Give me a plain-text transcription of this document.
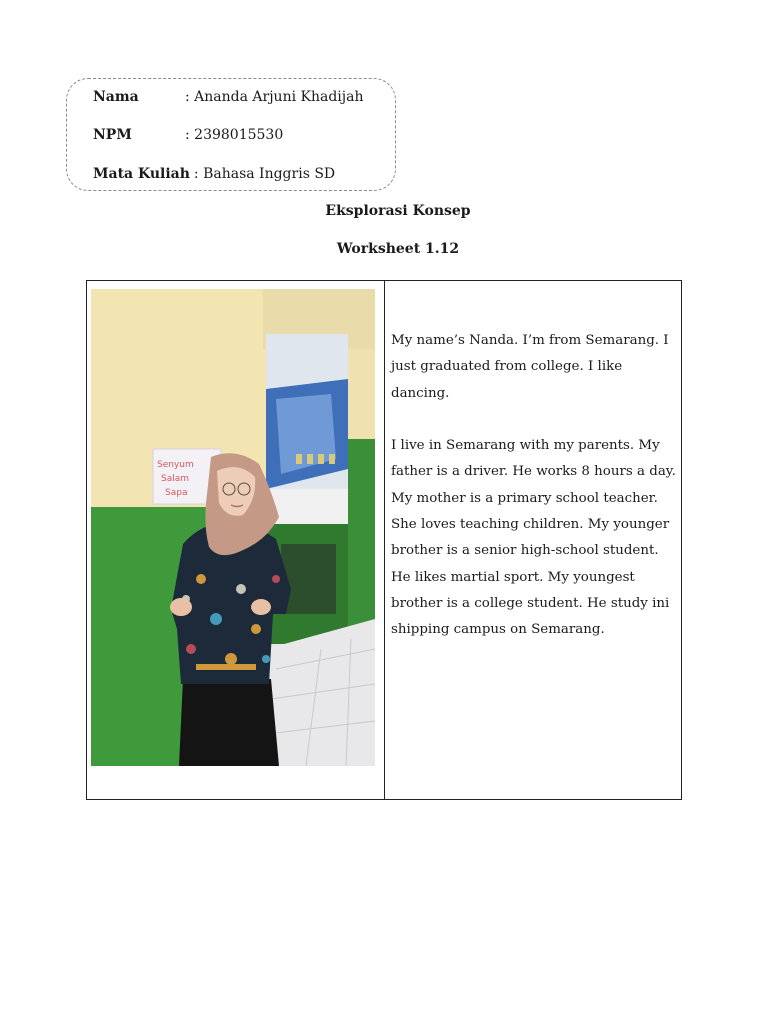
Nama	: Ananda Arjuni Khadijah
NPM	: 2398015530
Mata Kuliah : Bahasa Inggris SD
Eksplorasi Konsep
Worksheet 1.12
Senyum
Salam
Sapa

My name’s Nanda. I’m from Semarang. I just graduated from college. I like dancing.

I live in Semarang with my parents. My father is a driver. He works 8 hours a day.

My mother is a primary school teacher. She loves teaching children. My younger brother is a senior high-school student. He likes martial sport. My youngest brother is a college student. He study ini shipping campus on Semarang.
